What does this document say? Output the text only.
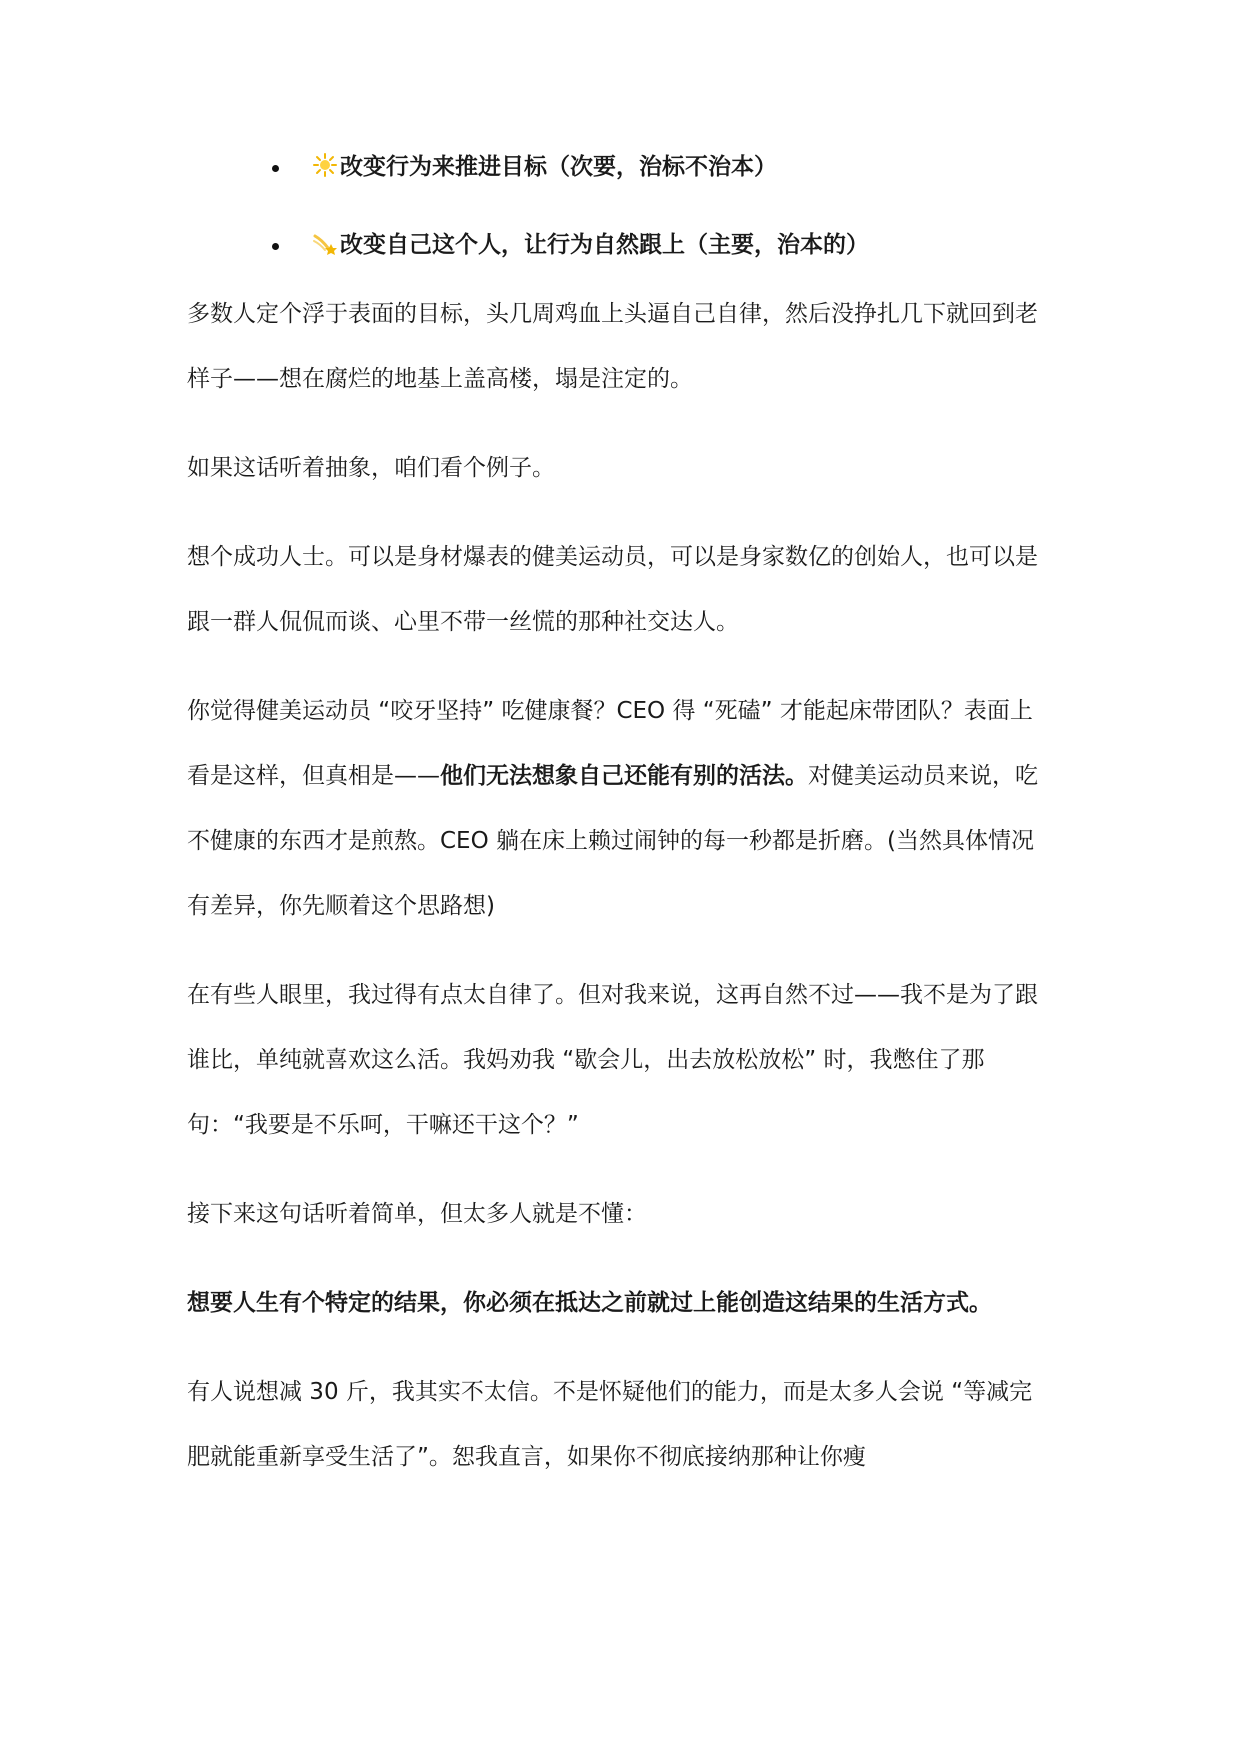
改变行为来推进目标（次要，治标不治本）
改变自己这个人，让行为自然跟上（主要，治本的）

多数人定个浮于表面的目标，头几周鸡血上头逼自己自律，然后没挣扎几下就回到老样子——想在腐烂的地基上盖高楼，塌是注定的。

如果这话听着抽象，咱们看个例子。

想个成功人士。可以是身材爆表的健美运动员，可以是身家数亿的创始人，也可以是跟一群人侃侃而谈、心里不带一丝慌的那种社交达人。

你觉得健美运动员 “咬牙坚持” 吃健康餐？CEO 得 “死磕” 才能起床带团队？表面上看是这样，但真相是——他们无法想象自己还能有别的活法。对健美运动员来说，吃不健康的东西才是煎熬。CEO 躺在床上赖过闹钟的每一秒都是折磨。(当然具体情况有差异，你先顺着这个思路想)

在有些人眼里，我过得有点太自律了。但对我来说，这再自然不过——我不是为了跟谁比，单纯就喜欢这么活。我妈劝我 “歇会儿，出去放松放松” 时，我憋住了那句：“我要是不乐呵，干嘛还干这个？”

接下来这句话听着简单，但太多人就是不懂：

想要人生有个特定的结果，你必须在抵达之前就过上能创造这结果的生活方式。

有人说想减 30 斤，我其实不太信。不是怀疑他们的能力，而是太多人会说 “等减完肥就能重新享受生活了”。恕我直言，如果你不彻底接纳那种让你瘦
